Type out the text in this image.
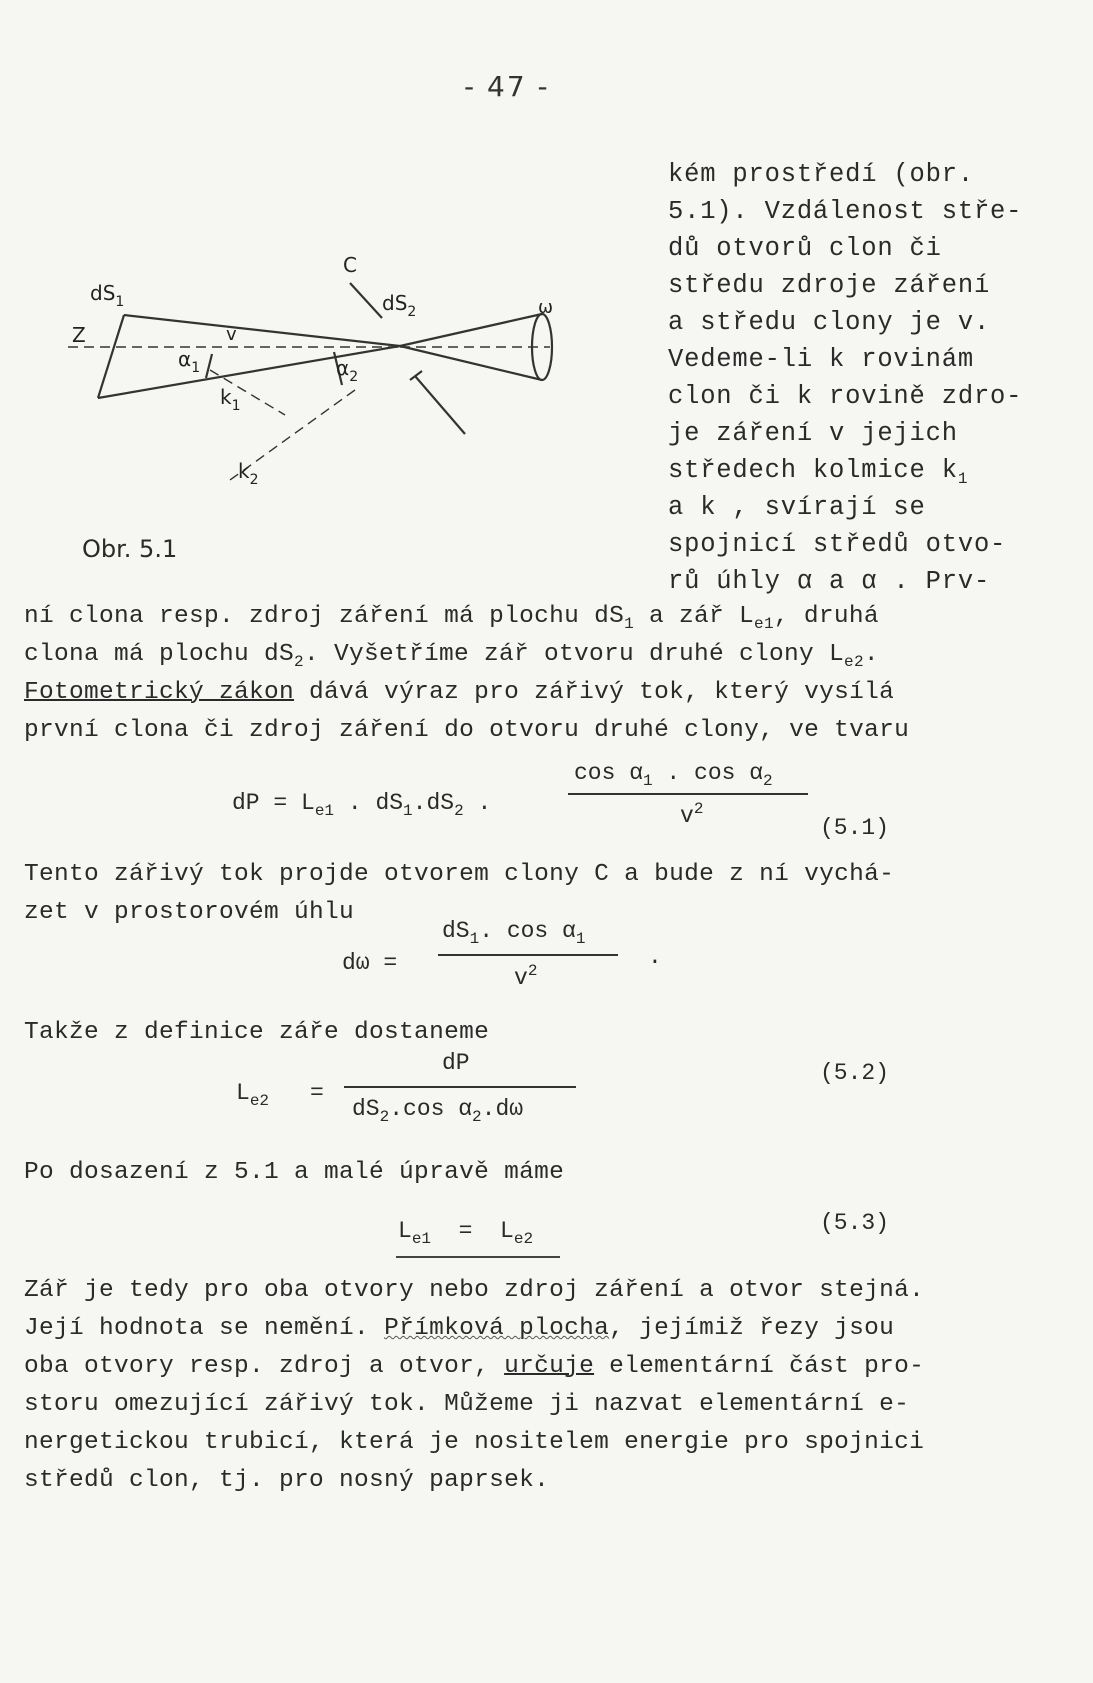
- 47 -
kém prostředí (obr.
5.1). Vzdálenost stře-
dů otvorů clon či
středu zdroje záření
a středu clony je v.
Vedeme-li k rovinám
clon či k rovině zdro-
je záření v jejich
středech kolmice $k_1$
a k , svírají se
spojnicí středů otvo-
rů úhly α a α . Prv-
$dS_1$
Z
C
$dS_2$	ω
v
$\alpha_1$	$\alpha_2$
$k_1$
$k_2$
Obr. 5.1
ní clona resp. zdroj záření má plochu $dS_1$ a zář $L_{e1}$, druhá
clona má plochu $dS_2$. Vyšetříme zář otvoru druhé clony $L_{e2}$.
Fotometrický zákon dává výraz pro zářivý tok, který vysílá
první clona či zdroj záření do otvoru druhé clony, ve tvaru
dP = $L_{e1}$ . $dS_1.dS_2$ .
$\cos \alpha_1$ . $\cos \alpha_2$
$v^2$
(5.1)
Tento zářivý tok projde otvorem clony C a bude z ní vychá-
zet v prostorovém úhlu
dω =
$dS_1$. $\cos \alpha_1$
$v^2$
.
Takže z definice záře dostaneme
$L_{e2}$ =
dP
$dS_2.\cos$ $\alpha_2.d\omega$
(5.2)
Po dosazení z 5.1 a malé úpravě máme
$L_{e1} = L_{e2}$
(5.3)
Zář je tedy pro oba otvory nebo zdroj záření a otvor stejná.
Její hodnota se nemění. Přímková plocha, jejímiž řezy jsou
oba otvory resp. zdroj a otvor, určuje elementární část pro-
storu omezující zářivý tok. Můžeme ji nazvat elementární e-
nergetickou trubicí, která je nositelem energie pro spojnici
středů clon, tj. pro nosný paprsek.
